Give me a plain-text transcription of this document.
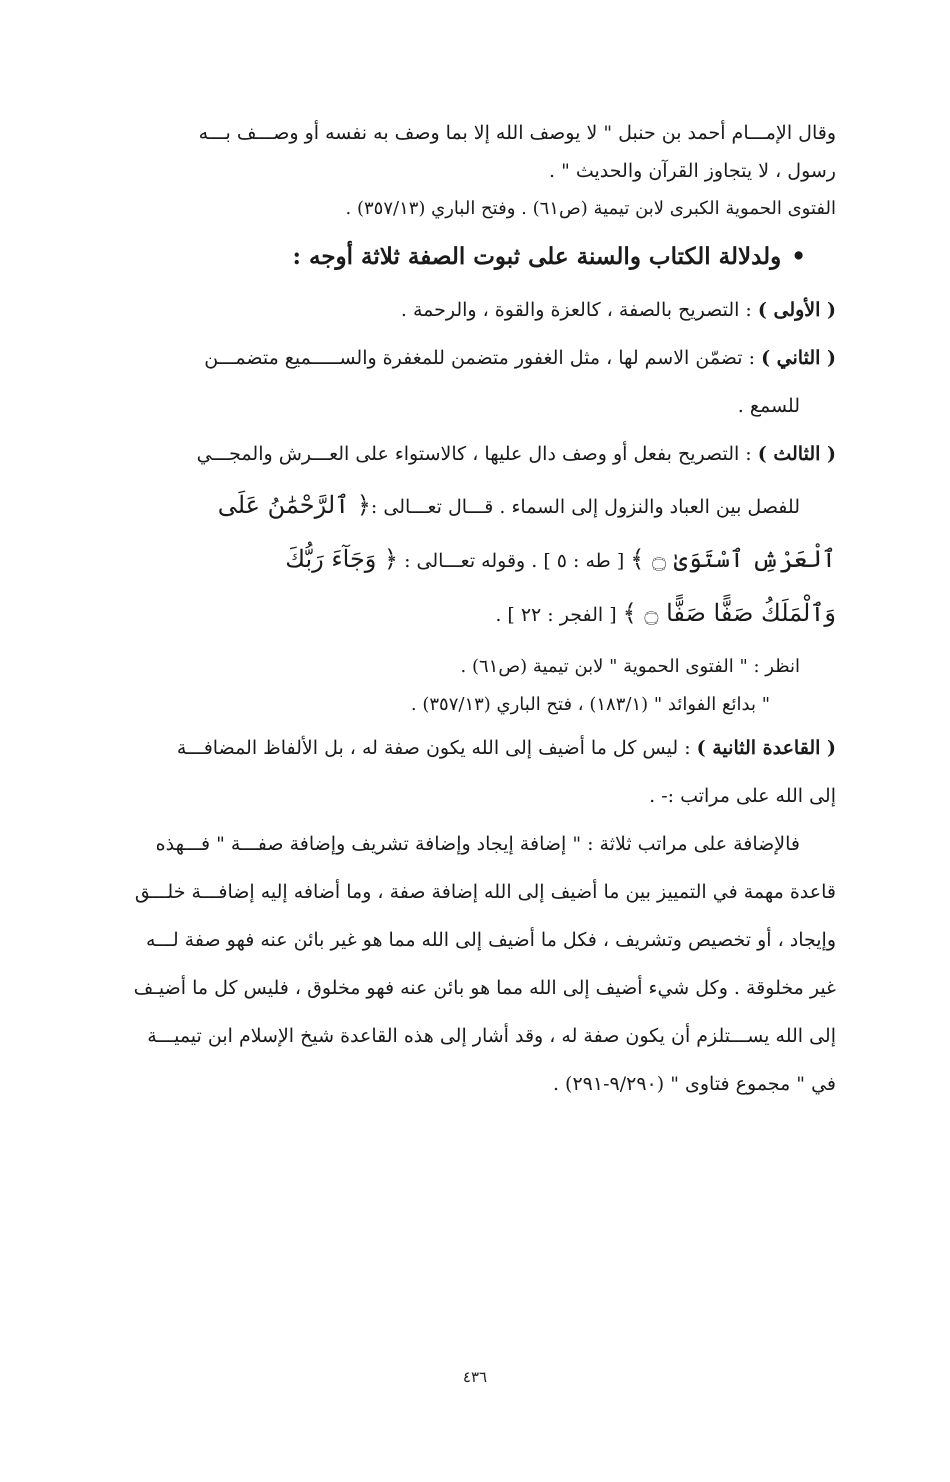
وقال الإمـــام أحمد بن حنبل " لا يوصف الله إلا بما وصف به نفسه أو وصـــف بـــه

رسول ، لا يتجاوز القرآن والحديث " .

الفتوى الحموية الكبرى لابن تيمية (ص٦١) . وفتح الباري (٣٥٧/١٣) .

•ولدلالة الكتاب والسنة على ثبوت الصفة ثلاثة أوجه :

( الأولى ) : التصريح بالصفة ، كالعزة والقوة ، والرحمة .

( الثاني ) : تضمّن الاسم لها ، مثل الغفور متضمن للمغفرة والســـــميع متضمـــن

للسمع .

( الثالث ) : التصريح بفعل أو وصف دال عليها ، كالاستواء على العـــرش والمجـــي

للفصل بين العباد والنزول إلى السماء . قـــال تعـــالى :﴿ ٱلرَّحْمَٰنُ عَلَى

ٱلْعَرْشِ ٱسْتَوَىٰ ۝ ﴾ [ طه : ٥ ] . وقوله تعـــالى : ﴿ وَجَآءَ رَبُّكَ

وَٱلْمَلَكُ صَفًّا صَفًّا ۝ ﴾ [ الفجر : ٢٢ ] .

انظر : " الفتوى الحموية " لابن تيمية (ص٦١) .

" بدائع الفوائد " (١٨٣/١) ، فتح الباري (٣٥٧/١٣) .

( القاعدة الثانية ) : ليس كل ما أضيف إلى الله يكون صفة له ، بل الألفاظ المضافـــة

إلى الله على مراتب :- .

فالإضافة على مراتب ثلاثة : " إضافة إيجاد وإضافة تشريف وإضافة صفـــة " فـــهذه

قاعدة مهمة في التمييز بين ما أضيف إلى الله إضافة صفة ، وما أضافه إليه إضافـــة خلـــق

وإيجاد ، أو تخصيص وتشريف ، فكل ما أضيف إلى الله مما هو غير بائن عنه فهو صفة لـــه

غير مخلوقة . وكل شيء أضيف إلى الله مما هو بائن عنه فهو مخلوق ، فليس كل ما أضيـف

إلى الله يســـتلزم أن يكون صفة له ، وقد أشار إلى هذه القاعدة شيخ الإسلام ابن تيميـــة

في " مجموع فتاوى " (٩/٢٩٠-٢٩١) .

٤٣٦
